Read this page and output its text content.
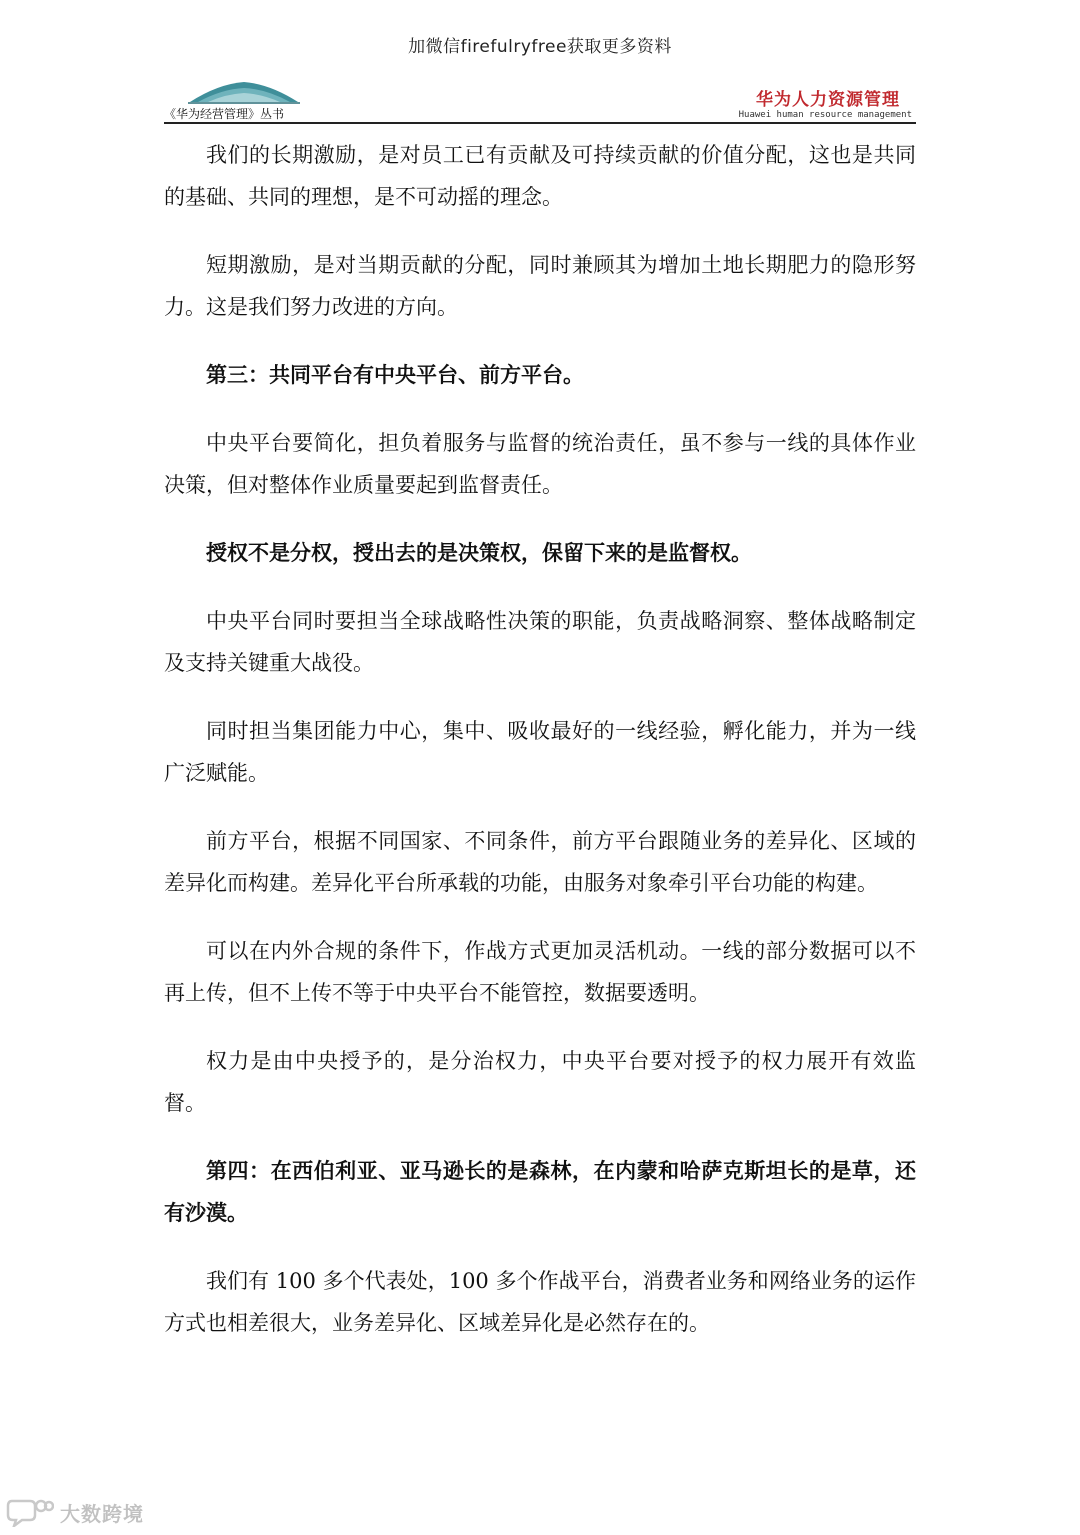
加微信fireful​ryfree获取更多资料
《华为经营管理》丛书
华为人力资源管理
Huawei human resource management

我们的长期激励，是对员工已有贡献及可持续贡献的价值分配，这也是共同的基础、共同的理想，是不可动摇的理念。

短期激励，是对当期贡献的分配，同时兼顾其为增加土地长期肥力的隐形努力。这是我们努力改进的方向。

第三：共同平台有中央平台、前方平台。

中央平台要简化，担负着服务与监督的统治责任，虽不参与一线的具体作业决策，但对整体作业质量要起到监督责任。

授权不是分权，授出去的是决策权，保留下来的是监督权。

中央平台同时要担当全球战略性决策的职能，负责战略洞察、整体战略制定及支持关键重大战役。

同时担当集团能力中心，集中、吸收最好的一线经验，孵化能力，并为一线广泛赋能。

前方平台，根据不同国家、不同条件，前方平台跟随业务的差异化、区域的差异化而构建。差异化平台所承载的功能，由服务对象牵引平台功能的构建。

可以在内外合规的条件下，作战方式更加灵活机动。一线的部分数据可以不再上传，但不上传不等于中央平台不能管控，数据要透明。

权力是由中央授予的，是分治权力，中央平台要对授予的权力展开有效监督。

第四：在西伯利亚、亚马逊长的是森林，在内蒙和哈萨克斯坦长的是草，还有沙漠。

我们有 100 多个代表处，100 多个作战平台，消费者业务和网络业务的运作方式也相差很大，业务差异化、区域差异化是必然存在的。

大数跨境
